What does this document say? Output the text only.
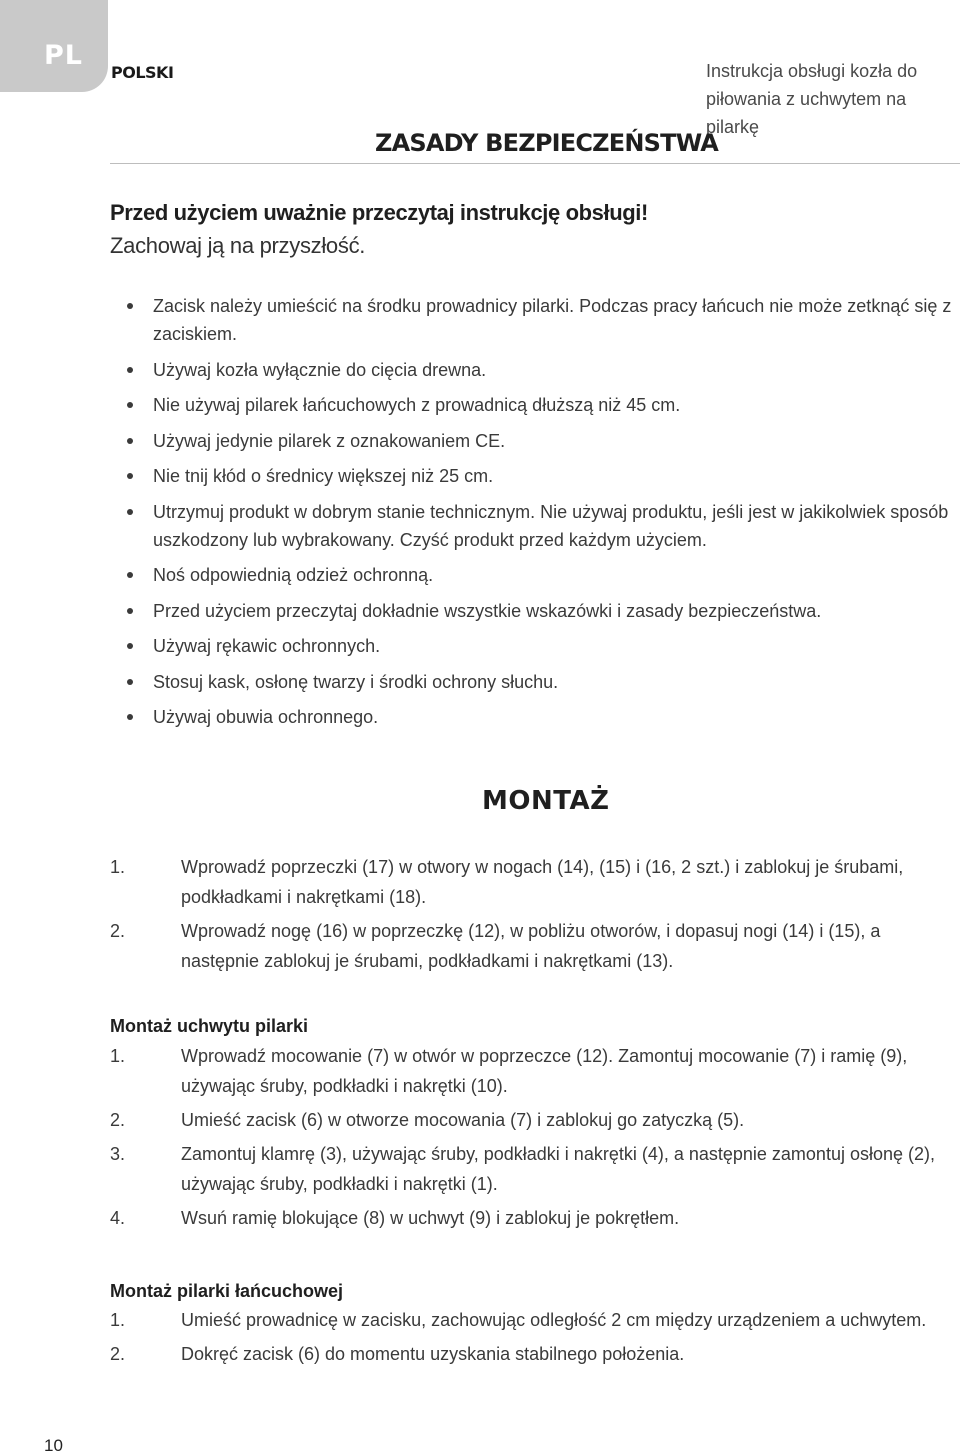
PL
POLSKI	Instrukcja obsługi kozła do piłowania z uchwytem na pilarkę
ZASADY BEZPIECZEŃSTWA
Przed użyciem uważnie przeczytaj instrukcję obsługi!
Zachowaj ją na przyszłość.
Zacisk należy umieścić na środku prowadnicy pilarki. Podczas pracy łańcuch nie może zetknąć się z zaciskiem.
Używaj kozła wyłącznie do cięcia drewna.
Nie używaj pilarek łańcuchowych z prowadnicą dłuższą niż 45 cm.
Używaj jedynie pilarek z oznakowaniem CE.
Nie tnij kłód o średnicy większej niż 25 cm.
Utrzymuj produkt w dobrym stanie technicznym. Nie używaj produktu, jeśli jest w jakikolwiek sposób uszkodzony lub wybrakowany. Czyść produkt przed każdym użyciem.
Noś odpowiednią odzież ochronną.
Przed użyciem przeczytaj dokładnie wszystkie wskazówki i zasady bezpieczeństwa.
Używaj rękawic ochronnych.
Stosuj kask, osłonę twarzy i środki ochrony słuchu.
Używaj obuwia ochronnego.
MONTAŻ
1.	Wprowadź poprzeczki (17) w otwory w nogach (14), (15) i (16, 2 szt.) i zablokuj je śrubami, podkładkami i nakrętkami (18).
2.	Wprowadź nogę (16) w poprzeczkę (12), w pobliżu otworów, i dopasuj nogi (14) i (15), a następnie zablokuj je śrubami, podkładkami i nakrętkami (13).
Montaż uchwytu pilarki
1.	Wprowadź mocowanie (7) w otwór w poprzeczce (12). Zamontuj mocowanie (7) i ramię (9), używając śruby, podkładki i nakrętki (10).
2.	Umieść zacisk (6) w otworze mocowania (7) i zablokuj go zatyczką (5).
3.	Zamontuj klamrę (3), używając śruby, podkładki i nakrętki (4), a następnie zamontuj osłonę (2), używając śruby, podkładki i nakrętki (1).
4.	Wsuń ramię blokujące (8) w uchwyt (9) i zablokuj je pokrętłem.
Montaż pilarki łańcuchowej
1.	Umieść prowadnicę w zacisku, zachowując odległość 2 cm między urządzeniem a uchwytem.
2.	Dokręć zacisk (6) do momentu uzyskania stabilnego położenia.
10
